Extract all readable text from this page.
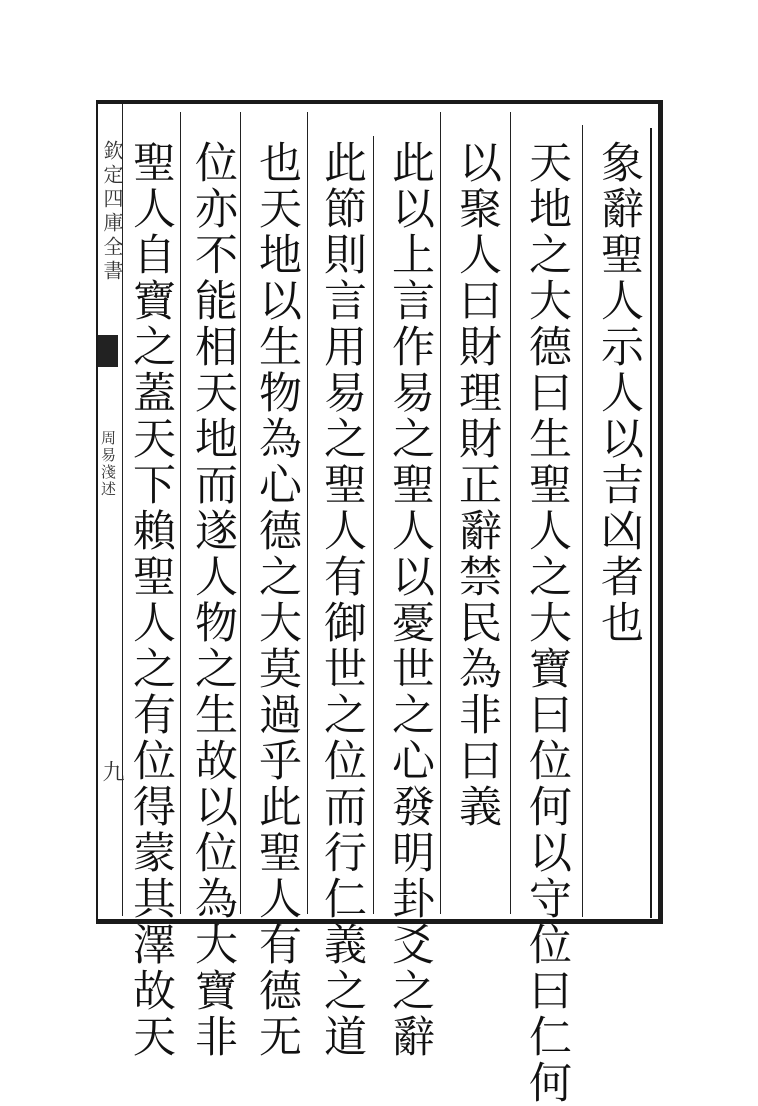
欽定四庫全書
周易淺述
九
象辭聖人示人以吉凶者也
天地之大德曰生聖人之大寶曰位何以守位曰仁何
以聚人曰財理財正辭禁民為非曰義
此以上言作易之聖人以憂世之心發明卦爻之辭
此節則言用易之聖人有御世之位而行仁義之道
也天地以生物為心德之大莫過乎此聖人有德无
位亦不能相天地而遂人物之生故以位為大寶非
聖人自寶之蓋天下賴聖人之有位得蒙其澤故天
